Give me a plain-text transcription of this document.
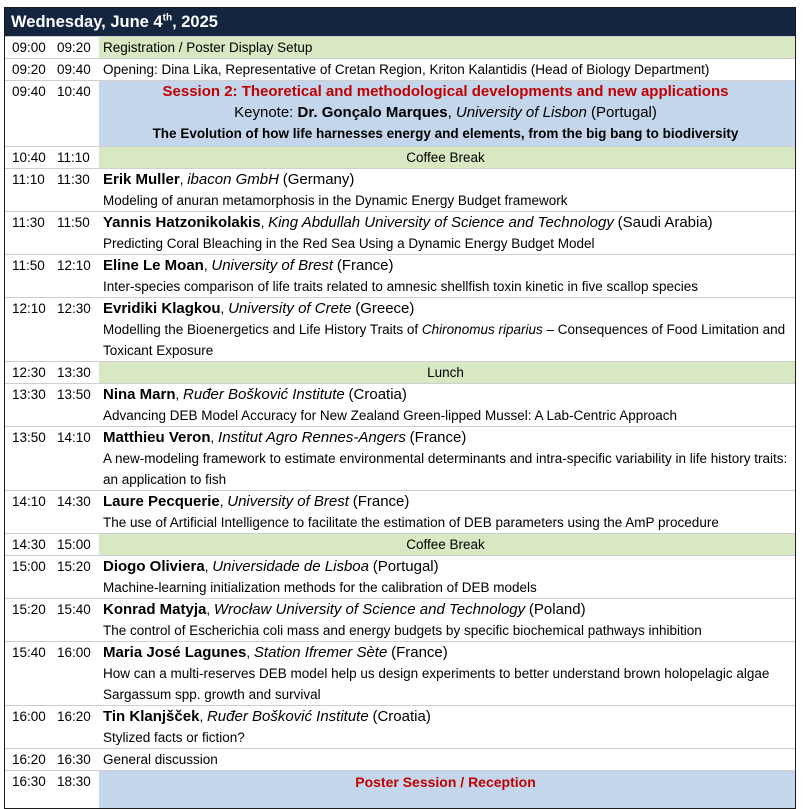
Wednesday, June 4th, 2025
09:00 09:20 Registration / Poster Display Setup
09:20 09:40 Opening: Dina Lika, Representative of Cretan Region, Kriton Kalantidis (Head of Biology Department)
09:40 10:40	Session 2: Theoretical and methodological developments and new applications
Keynote: Dr. Gonçalo Marques, University of Lisbon (Portugal)
The Evolution of how life harnesses energy and elements, from the big bang to biodiversity
10:40 11:10	Coffee Break
11:10 11:30 Erik Muller, ibacon GmbH (Germany)
Modeling of anuran metamorphosis in the Dynamic Energy Budget framework
11:30 11:50 Yannis Hatzonikolakis, King Abdullah University of Science and Technology (Saudi Arabia)
Predicting Coral Bleaching in the Red Sea Using a Dynamic Energy Budget Model
11:50 12:10 Eline Le Moan, University of Brest (France)
Inter-species comparison of life traits related to amnesic shellfish toxin kinetic in five scallop species
12:10 12:30 Evridiki Klagkou, University of Crete (Greece)
Modelling the Bioenergetics and Life History Traits of Chironomus riparius – Consequences of Food Limitation and Toxicant Exposure
12:30 13:30	Lunch
13:30 13:50 Nina Marn, Ruđer Bošković Institute (Croatia)
Advancing DEB Model Accuracy for New Zealand Green-lipped Mussel: A Lab-Centric Approach
13:50 14:10 Matthieu Veron, Institut Agro Rennes-Angers (France)
A new-modeling framework to estimate environmental determinants and intra-specific variability in life history traits: an application to fish
14:10 14:30 Laure Pecquerie, University of Brest (France)
The use of Artificial Intelligence to facilitate the estimation of DEB parameters using the AmP procedure
14:30 15:00	Coffee Break
15:00 15:20 Diogo Oliviera, Universidade de Lisboa (Portugal)
Machine-learning initialization methods for the calibration of DEB models
15:20 15:40 Konrad Matyja, Wrocław University of Science and Technology (Poland)
The control of Escherichia coli mass and energy budgets by specific biochemical pathways inhibition
15:40 16:00 Maria José Lagunes, Station Ifremer Sète (France)
How can a multi-reserves DEB model help us design experiments to better understand brown holopelagic algae Sargassum spp. growth and survival
16:00 16:20 Tin Klanjšček, Ruđer Bošković Institute (Croatia)
Stylized facts or fiction?
16:20 16:30 General discussion
16:30 18:30	Poster Session / Reception
